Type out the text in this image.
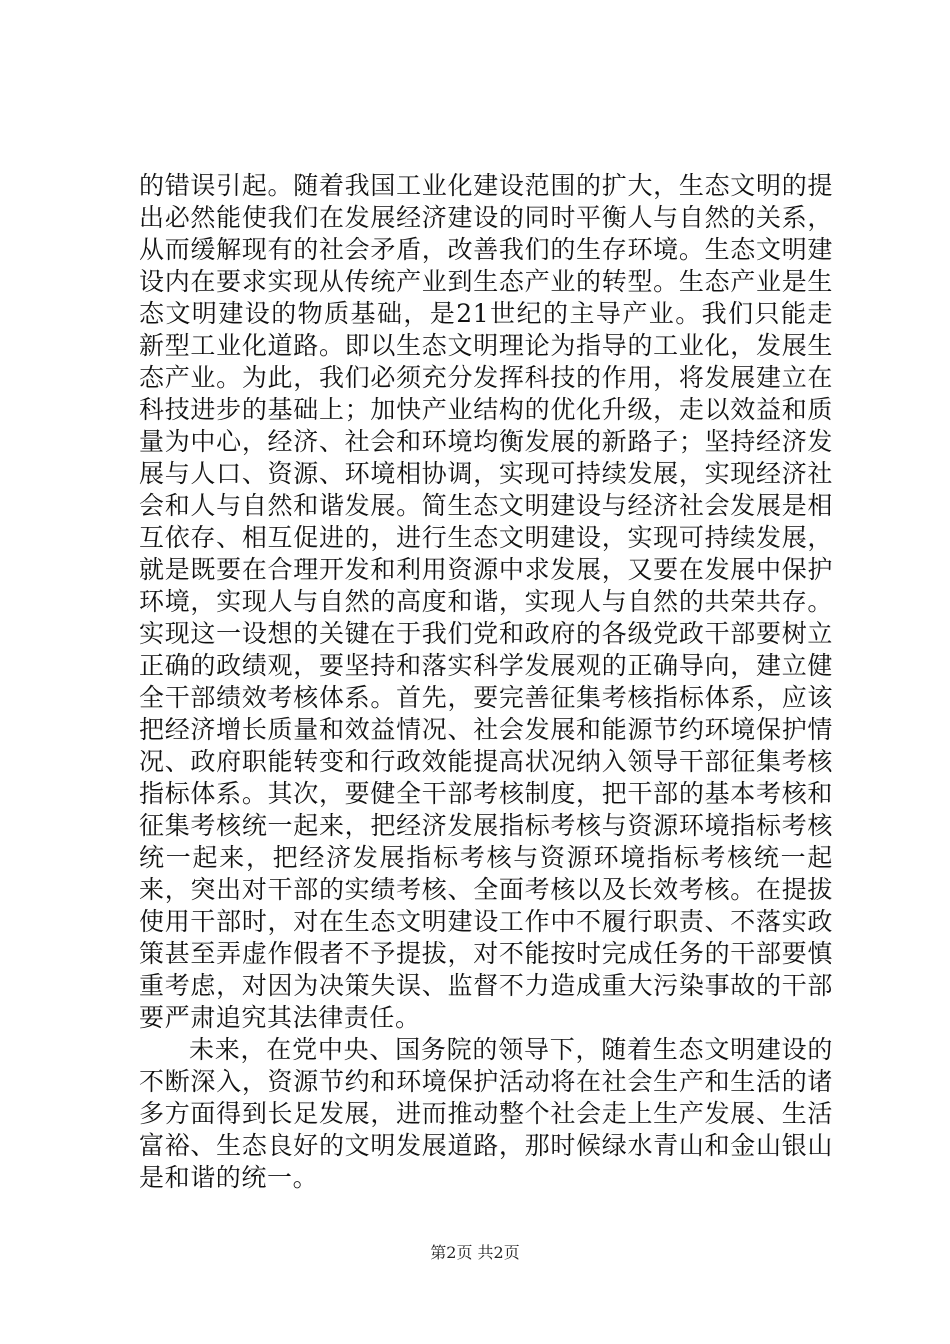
的错误引起。随着我国工业化建设范围的扩大，生态文明的提出必然能使我们在发展经济建设的同时平衡人与自然的关系，从而缓解现有的社会矛盾，改善我们的生存环境。生态文明建设内在要求实现从传统产业到生态产业的转型。生态产业是生态文明建设的物质基础，是21世纪的主导产业。我们只能走新型工业化道路。即以生态文明理论为指导的工业化，发展生态产业。为此，我们必须充分发挥科技的作用，将发展建立在科技进步的基础上；加快产业结构的优化升级，走以效益和质量为中心，经济、社会和环境均衡发展的新路子；坚持经济发展与人口、资源、环境相协调，实现可持续发展，实现经济社会和人与自然和谐发展。简生态文明建设与经济社会发展是相互依存、相互促进的，进行生态文明建设，实现可持续发展，就是既要在合理开发和利用资源中求发展，又要在发展中保护环境，实现人与自然的高度和谐，实现人与自然的共荣共存。实现这一设想的关键在于我们党和政府的各级党政干部要树立正确的政绩观，要坚持和落实科学发展观的正确导向，建立健全干部绩效考核体系。首先，要完善征集考核指标体系，应该把经济增长质量和效益情况、社会发展和能源节约环境保护情况、政府职能转变和行政效能提高状况纳入领导干部征集考核指标体系。其次，要健全干部考核制度，把干部的基本考核和征集考核统一起来，把经济发展指标考核与资源环境指标考核统一起来，把经济发展指标考核与资源环境指标考核统一起来，突出对干部的实绩考核、全面考核以及长效考核。在提拔使用干部时，对在生态文明建设工作中不履行职责、不落实政策甚至弄虚作假者不予提拔，对不能按时完成任务的干部要慎重考虑，对因为决策失误、监督不力造成重大污染事故的干部要严肃追究其法律责任。

未来，在党中央、国务院的领导下，随着生态文明建设的不断深入，资源节约和环境保护活动将在社会生产和生活的诸多方面得到长足发展，进而推动整个社会走上生产发展、生活富裕、生态良好的文明发展道路，那时候绿水青山和金山银山是和谐的统一。

第2页 共2页
